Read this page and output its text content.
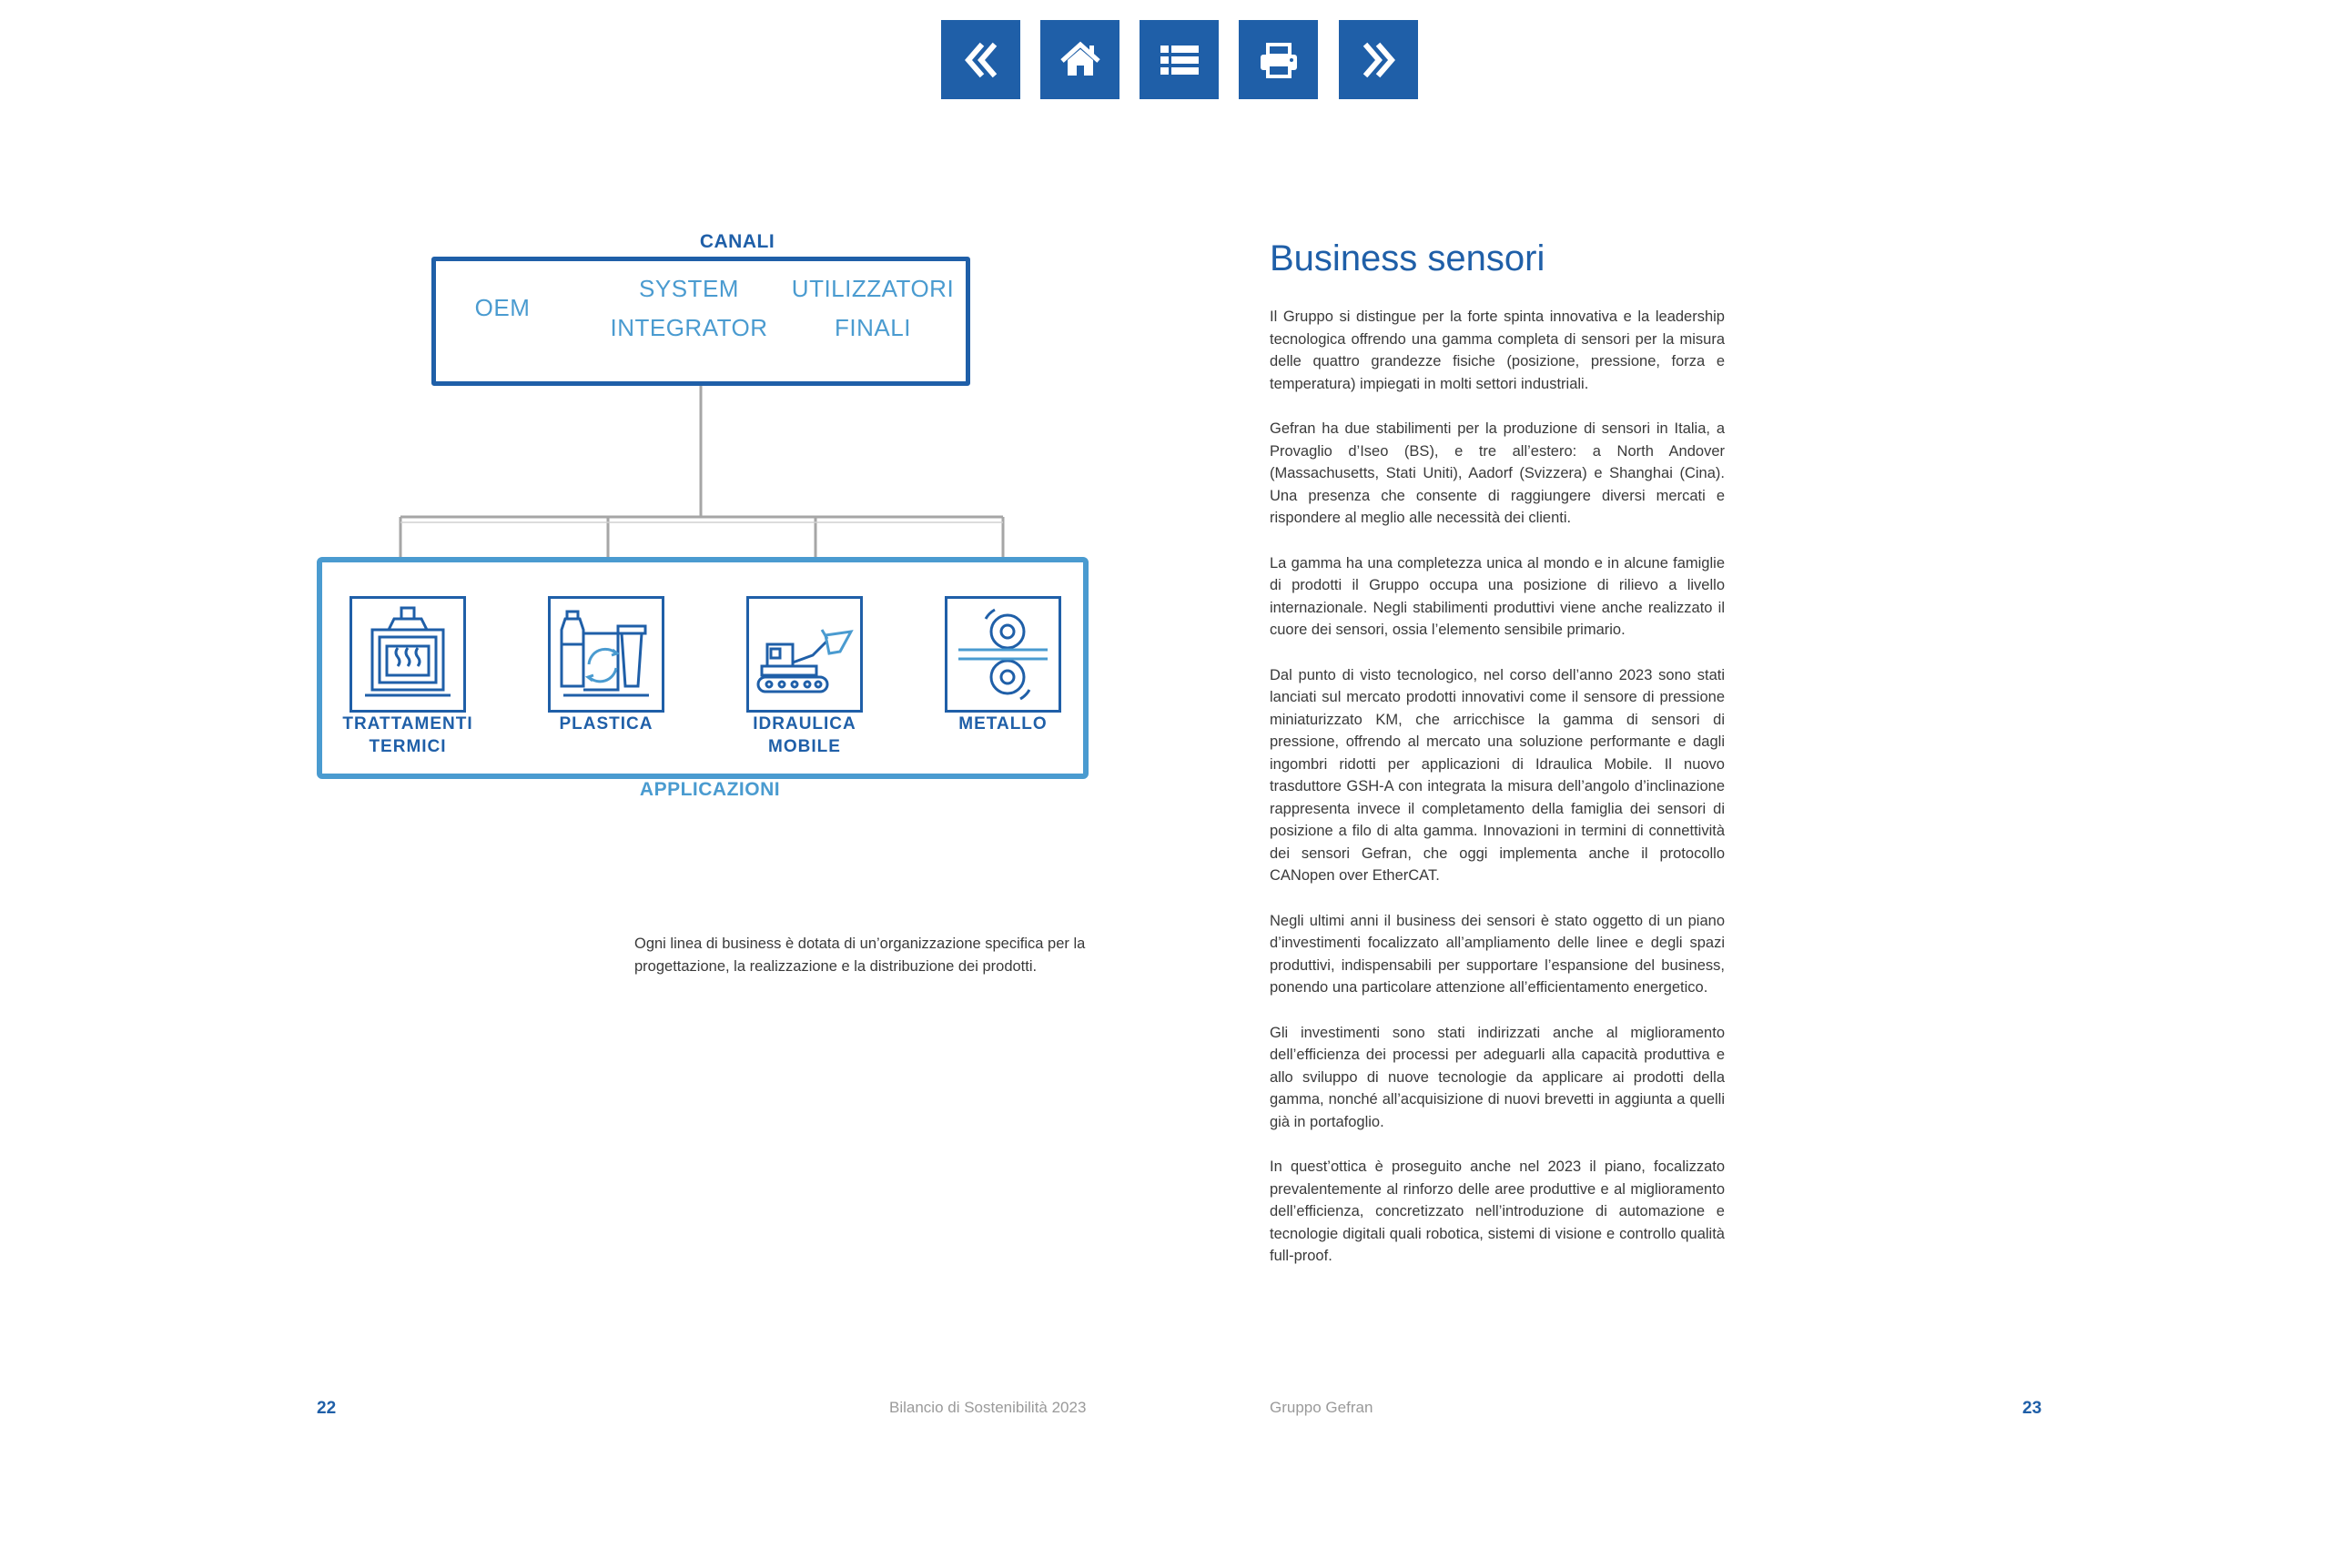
CANALI
OEM
SYSTEM
INTEGRATOR
UTILIZZATORI
FINALI
TRATTAMENTI
TERMICI
PLASTICA	IDRAULICA
MOBILE
METALLO
APPLICAZIONI
Ogni linea di business è dotata di un’organizzazione specifica per la progettazione, la realizzazione e la distribuzione dei prodotti.
Business sensori

Il Gruppo si distingue per la forte spinta innovativa e la leadership tecnologica offrendo una gamma completa di sensori per la misura delle quattro grandezze fisiche (posizione, pressione, forza e temperatura) impiegati in molti settori industriali.

Gefran ha due stabilimenti per la produzione di sensori in Italia, a Provaglio d’Iseo (BS), e tre all’estero: a North Andover (Massachusetts, Stati Uniti), Aadorf (Svizzera) e Shanghai (Cina). Una presenza che consente di raggiungere diversi mercati e rispondere al meglio alle necessità dei clienti.

La gamma ha una completezza unica al mondo e in alcune famiglie di prodotti il Gruppo occupa una posizione di rilievo a livello internazionale. Negli stabilimenti produttivi viene anche realizzato il cuore dei sensori, ossia l’elemento sensibile primario.

Dal punto di visto tecnologico, nel corso dell’anno 2023 sono stati lanciati sul mercato prodotti innovativi come il sensore di pressione miniaturizzato KM, che arricchisce la gamma di sensori di pressione, offrendo al mercato una soluzione performante e dagli ingombri ridotti per applicazioni di Idraulica Mobile. Il nuovo trasduttore GSH-A con integrata la misura dell’angolo d’inclinazione rappresenta invece il completamento della famiglia dei sensori di posizione a filo di alta gamma. Innovazioni in termini di connettività dei sensori Gefran, che oggi implementa anche il protocollo CANopen over EtherCAT.

Negli ultimi anni il business dei sensori è stato oggetto di un piano d’investimenti focalizzato all’ampliamento delle linee e degli spazi produttivi, indispensabili per supportare l’espansione del business, ponendo una particolare attenzione all’efficientamento energetico.

Gli investimenti sono stati indirizzati anche al miglioramento dell’efficienza dei processi per adeguarli alla capacità produttiva e allo sviluppo di nuove tecnologie da applicare ai prodotti della gamma, nonché all’acquisizione di nuovi brevetti in aggiunta a quelli già in portafoglio.

In quest’ottica è proseguito anche nel 2023 il piano, focalizzato prevalentemente al rinforzo delle aree produttive e al miglioramento dell’efficienza, concretizzato nell’introduzione di automazione e tecnologie digitali quali robotica, sistemi di visione e controllo qualità full-proof.

22	Bilancio di Sostenibilità 2023	Gruppo Gefran	23
